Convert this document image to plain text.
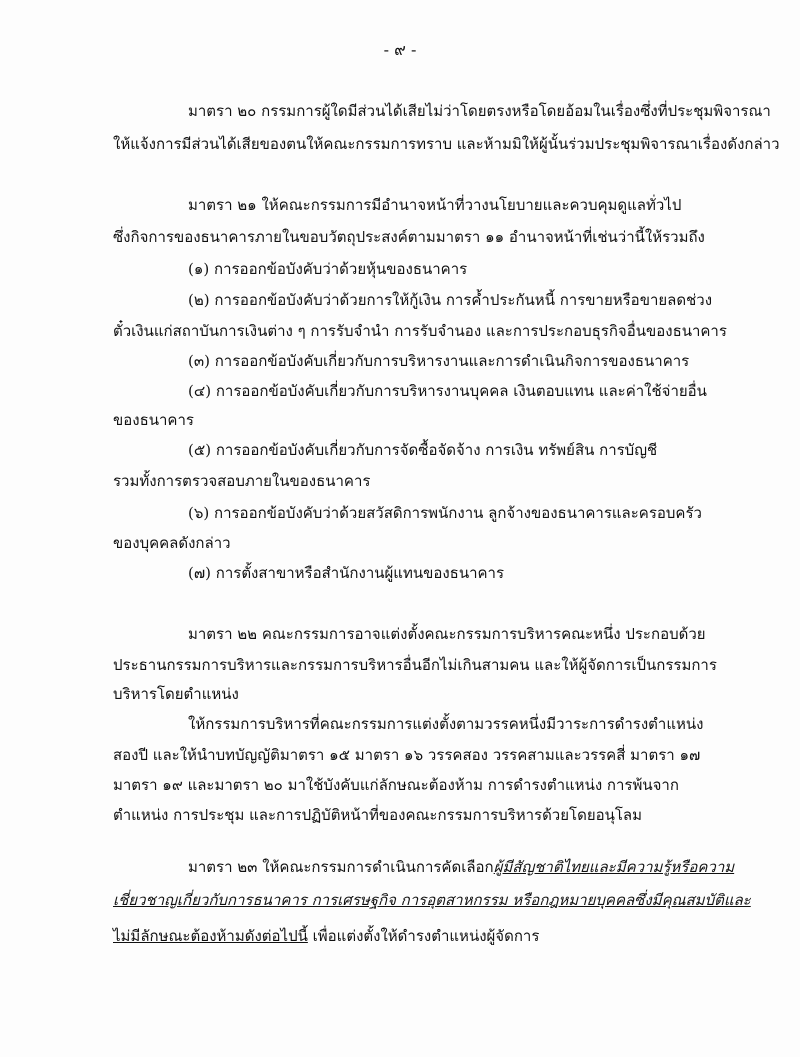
- ๙ -
มาตรา ๒๐ กรรมการผู้ใดมีส่วนได้เสียไม่ว่าโดยตรงหรือโดยอ้อมในเรื่องซึ่งที่ประชุมพิจารณา
ให้แจ้งการมีส่วนได้เสียของตนให้คณะกรรมการทราบ และห้ามมิให้ผู้นั้นร่วมประชุมพิจารณาเรื่องดังกล่าว
มาตรา ๒๑ ให้คณะกรรมการมีอำนาจหน้าที่วางนโยบายและควบคุมดูแลทั่วไป
ซึ่งกิจการของธนาคารภายในขอบวัตถุประสงค์ตามมาตรา ๑๑ อำนาจหน้าที่เช่นว่านี้ให้รวมถึง
(๑) การออกข้อบังคับว่าด้วยหุ้นของธนาคาร
(๒) การออกข้อบังคับว่าด้วยการให้กู้เงิน การค้ำประกันหนี้ การขายหรือขายลดช่วง
ตั๋วเงินแก่สถาบันการเงินต่าง ๆ การรับจำนำ การรับจำนอง และการประกอบธุรกิจอื่นของธนาคาร
(๓) การออกข้อบังคับเกี่ยวกับการบริหารงานและการดำเนินกิจการของธนาคาร
(๔) การออกข้อบังคับเกี่ยวกับการบริหารงานบุคคล เงินตอบแทน และค่าใช้จ่ายอื่น
ของธนาคาร
(๕) การออกข้อบังคับเกี่ยวกับการจัดซื้อจัดจ้าง การเงิน ทรัพย์สิน การบัญชี
รวมทั้งการตรวจสอบภายในของธนาคาร
(๖) การออกข้อบังคับว่าด้วยสวัสดิการพนักงาน ลูกจ้างของธนาคารและครอบครัว
ของบุคคลดังกล่าว
(๗) การตั้งสาขาหรือสำนักงานผู้แทนของธนาคาร
มาตรา ๒๒ คณะกรรมการอาจแต่งตั้งคณะกรรมการบริหารคณะหนึ่ง ประกอบด้วย
ประธานกรรมการบริหารและกรรมการบริหารอื่นอีกไม่เกินสามคน และให้ผู้จัดการเป็นกรรมการ
บริหารโดยตำแหน่ง
ให้กรรมการบริหารที่คณะกรรมการแต่งตั้งตามวรรคหนึ่งมีวาระการดำรงตำแหน่ง
สองปี และให้นำบทบัญญัติมาตรา ๑๕ มาตรา ๑๖ วรรคสอง วรรคสามและวรรคสี่ มาตรา ๑๗
มาตรา ๑๙ และมาตรา ๒๐ มาใช้บังคับแก่ลักษณะต้องห้าม การดำรงตำแหน่ง การพ้นจาก
ตำแหน่ง การประชุม และการปฏิบัติหน้าที่ของคณะกรรมการบริหารด้วยโดยอนุโลม
มาตรา ๒๓ ให้คณะกรรมการดำเนินการคัดเลือกผู้มีสัญชาติไทยและมีความรู้หรือความ
เชี่ยวชาญเกี่ยวกับการธนาคาร การเศรษฐกิจ การอุตสาหกรรม หรือกฎหมายบุคคลซึ่งมีคุณสมบัติและ
ไม่มีลักษณะต้องห้ามดังต่อไปนี้ เพื่อแต่งตั้งให้ดำรงตำแหน่งผู้จัดการ
